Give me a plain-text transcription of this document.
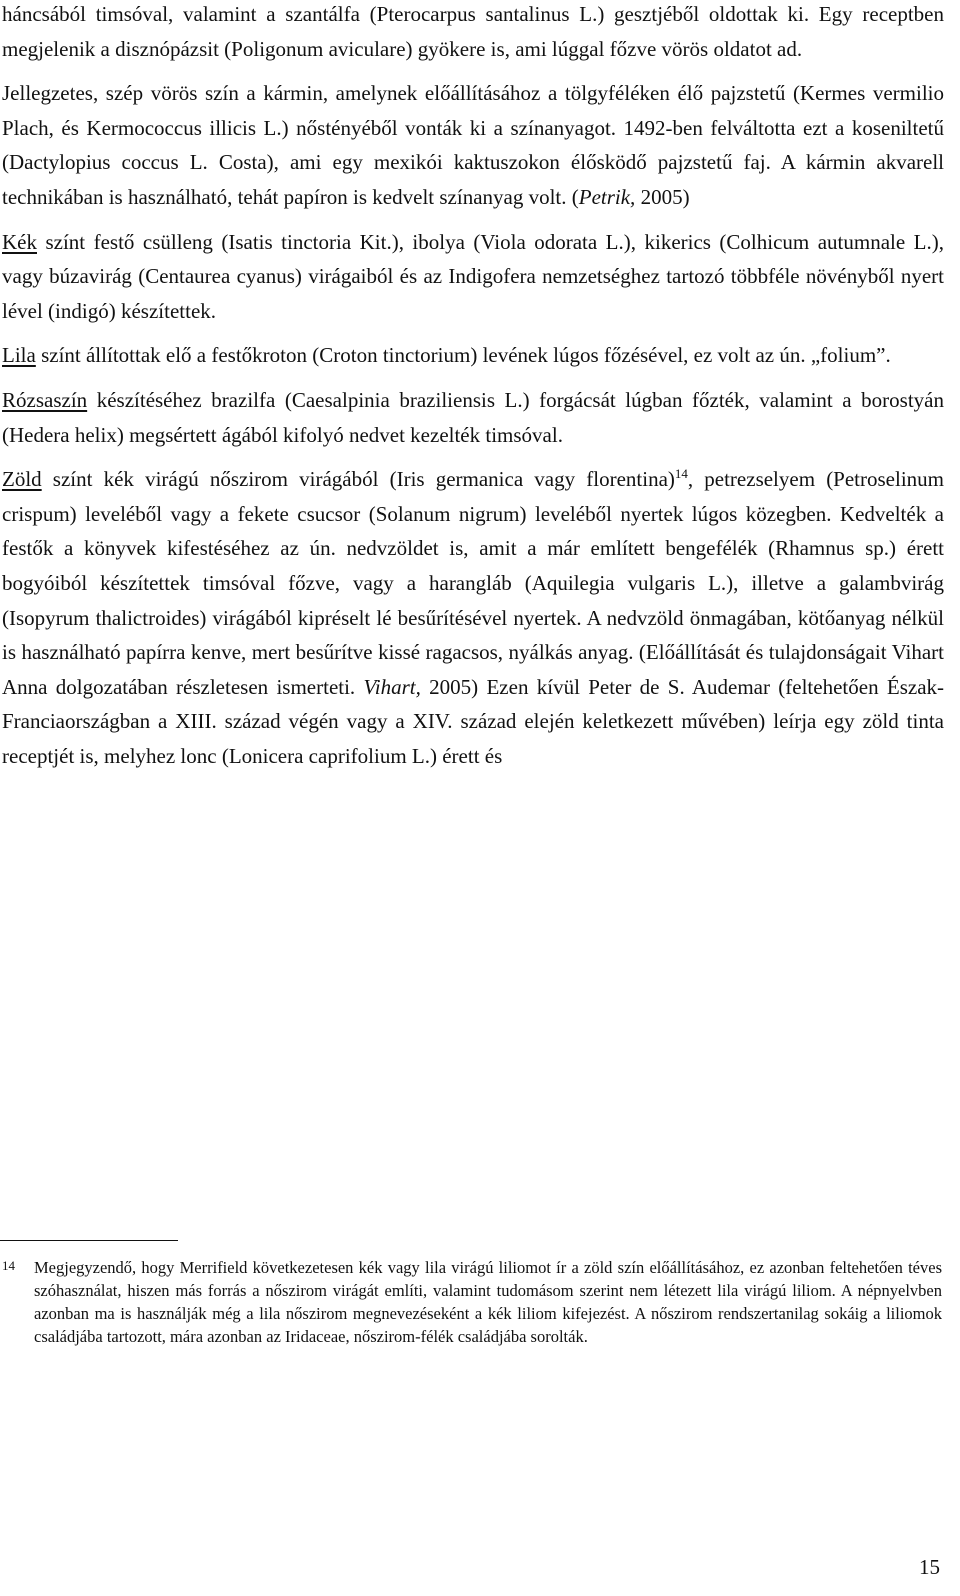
háncsából timsóval, valamint a szantálfa (Pterocarpus santalinus L.) gesztjéből oldottak ki. Egy receptben megjelenik a disznópázsit (Poligonum aviculare) gyökere is, ami lúggal főzve vörös oldatot ad.

Jellegzetes, szép vörös szín a kármin, amelynek előállításához a tölgyféléken élő pajzstetű (Kermes vermilio Plach, és Kermococcus illicis L.) nőstényéből vonták ki a színanyagot. 1492-ben felváltotta ezt a koseniltetű (Dactylopius coccus L. Costa), ami egy mexikói kaktuszokon élősködő pajzstetű faj. A kármin akvarell technikában is használható, tehát papíron is kedvelt színanyag volt. (Petrik, 2005)

Kék színt festő csülleng (Isatis tinctoria Kit.), ibolya (Viola odorata L.), kikerics (Colhicum autumnale L.), vagy búzavirág (Centaurea cyanus) virágaiból és az Indigofera nemzetséghez tartozó többféle növényből nyert lével (indigó) készítettek.

Lila színt állítottak elő a festőkroton (Croton tinctorium) levének lúgos főzésével, ez volt az ún. „folium”.

Rózsaszín készítéséhez brazilfa (Caesalpinia braziliensis L.) forgácsát lúgban főzték, valamint a borostyán (Hedera helix) megsértett ágából kifolyó nedvet kezelték timsóval.

Zöld színt kék virágú nőszirom virágából (Iris germanica vagy florentina)$^{14}$, petrezselyem (Petroselinum crispum) leveléből vagy a fekete csucsor (Solanum nigrum) leveléből nyertek lúgos közegben. Kedvelték a festők a könyvek kifestéséhez az ún. nedvzöldet is, amit a már említett bengefélék (Rhamnus sp.) érett bogyóiból készítettek timsóval főzve, vagy a harangláb (Aquilegia vulgaris L.), illetve a galambvirág (Isopyrum thalictroides) virágából kipréselt lé besűrítésével nyertek. A nedvzöld önmagában, kötőanyag nélkül is használható papírra kenve, mert besűrítve kissé ragacsos, nyálkás anyag. (Előállítását és tulajdonságait Vihart Anna dolgozatában részletesen ismerteti. Vihart, 2005) Ezen kívül Peter de S. Audemar (feltehetően Észak-Franciaországban a XIII. század végén vagy a XIV. század elején keletkezett művében) leírja egy zöld tinta receptjét is, melyhez lonc (Lonicera caprifolium L.) érett és

14 Megjegyzendő, hogy Merrifield következetesen kék vagy lila virágú liliomot ír a zöld szín előállításához, ez azonban feltehetően téves szóhasználat, hiszen más forrás a nőszirom virágát említi, valamint tudomásom szerint nem létezett lila virágú liliom. A népnyelvben azonban ma is használják még a lila nőszirom megnevezéseként a kék liliom kifejezést. A nőszirom rendszertanilag sokáig a liliomok családjába tartozott, mára azonban az Iridaceae, nőszirom-félék családjába sorolták.
15
